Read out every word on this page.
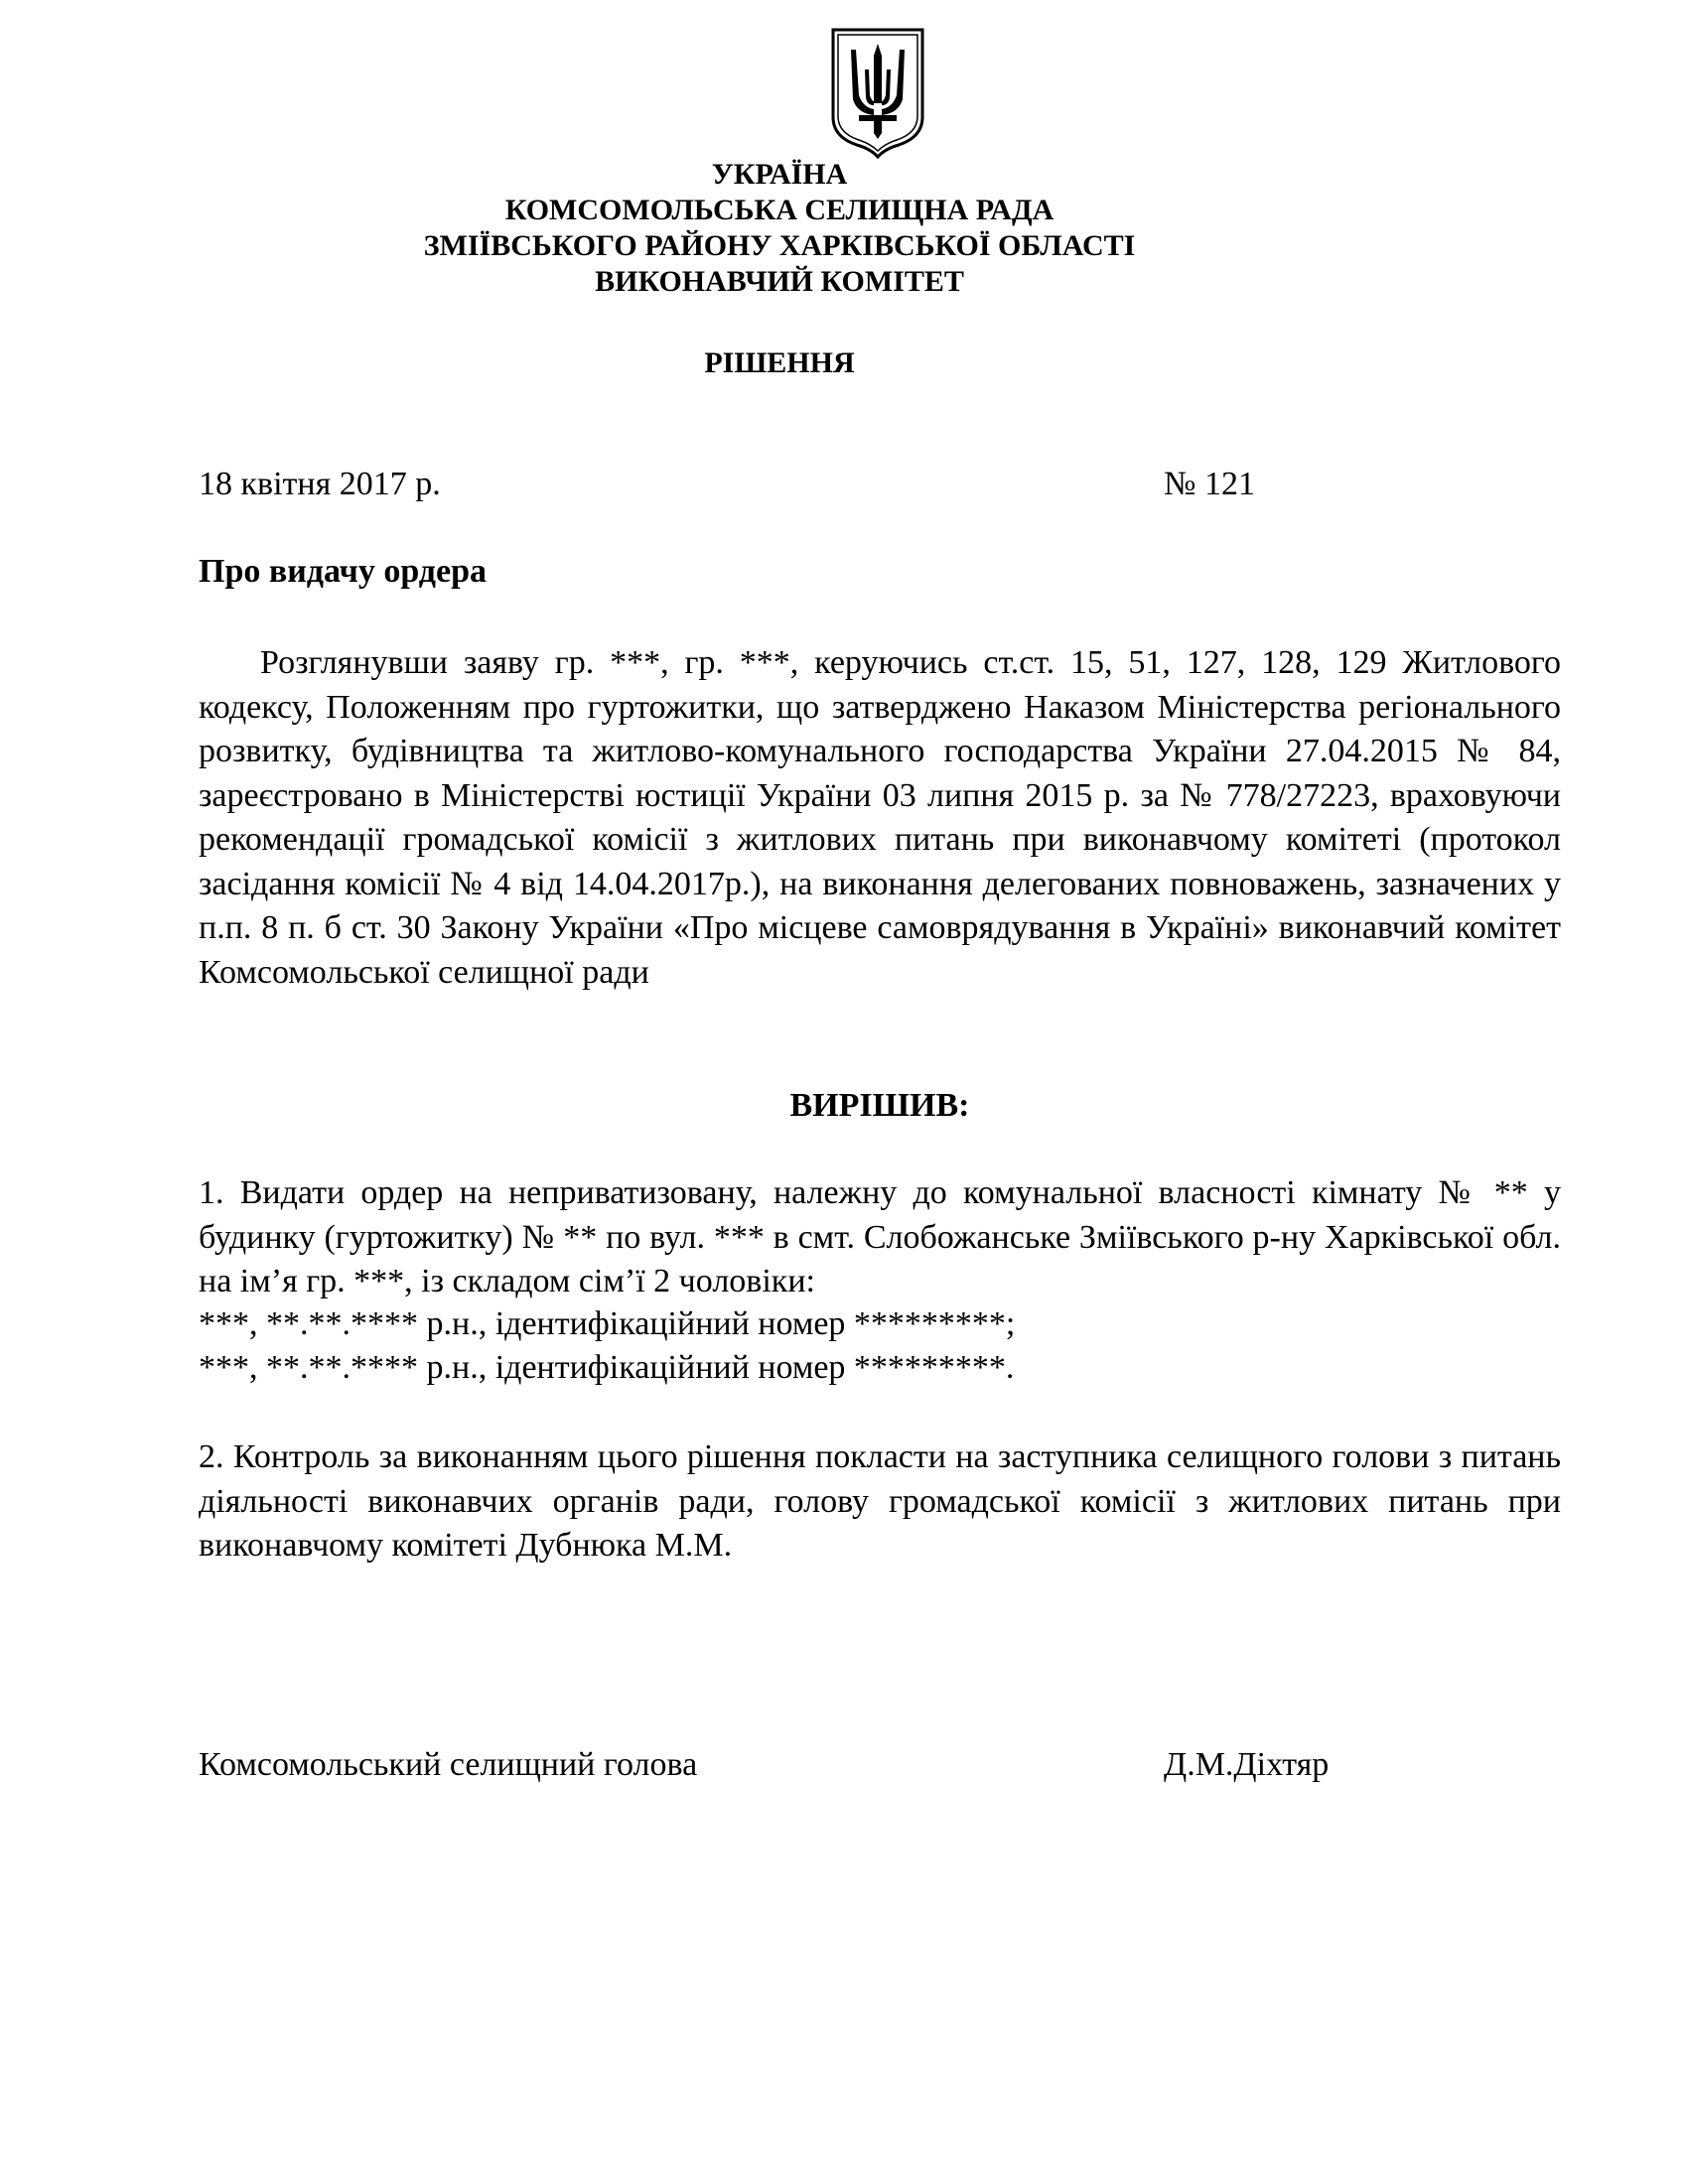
УКРАЇНА
КОМСОМОЛЬСЬКА СЕЛИЩНА РАДА
ЗМІЇВСЬКОГО РАЙОНУ ХАРКІВСЬКОЇ ОБЛАСТІ
ВИКОНАВЧИЙ КОМІТЕТ
РІШЕННЯ
18 квітня 2017 р.	№ 121
Про видачу ордера
Розглянувши заяву гр. ***, гр. ***, керуючись ст.ст. 15, 51, 127, 128, 129 Житлового кодексу, Положенням про гуртожитки, що затверджено Наказом Міністерства регіонального розвитку, будівництва та житлово-комунального господарства України 27.04.2015 № 84, зареєстровано в Міністерстві юстиції України 03 липня 2015 р. за № 778/27223, враховуючи рекомендації громадської комісії з житлових питань при виконавчому комітеті (протокол засідання комісії № 4 від 14.04.2017р.), на виконання делегованих повноважень, зазначених у п.п. 8 п. б ст. 30 Закону України «Про місцеве самоврядування в Україні» виконавчий комітет Комсомольської селищної ради
ВИРІШИВ:
1. Видати ордер на неприватизовану, належну до комунальної власності кімнату № ** у будинку (гуртожитку) № ** по вул. *** в смт. Слобожанське Зміївського р-ну Харківської обл. на ім’я гр. ***, із складом сім’ї 2 чоловіки:
***, **.**.**** р.н., ідентифікаційний номер *********;
***, **.**.**** р.н., ідентифікаційний номер *********.
2. Контроль за виконанням цього рішення покласти на заступника селищного голови з питань діяльності виконавчих органів ради, голову громадської комісії з житлових питань при виконавчому комітеті Дубнюка М.М.
Комсомольський селищний голова	Д.М.Діхтяр
